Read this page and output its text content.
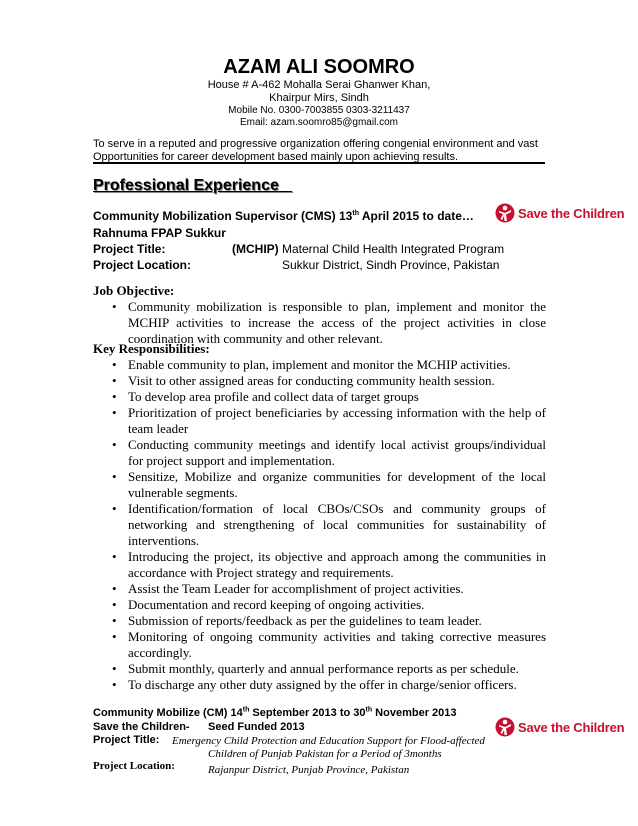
AZAM ALI SOOMRO
House # A-462 Mohalla Serai Ghanwer Khan,
Khairpur Mirs, Sindh
Mobile No. 0300-7003855 0303-3211437
Email: azam.soomro85@gmail.com
To serve in a reputed and progressive organization offering congenial environment and vast
Opportunities for career development based mainly upon achieving results.
Professional Experience
Community Mobilization Supervisor (CMS) 13th April 2015 to date…
Rahnuma FPAP Sukkur
Project Title:	(MCHIP) Maternal Child Health Integrated Program
Project Location:	Sukkur District, Sindh Province, Pakistan
Save the Children
Job Objective:
• Community mobilization is responsible to plan, implement and monitor the MCHIP activities to increase the access of the project activities in close coordination with community and other relevant.
Key Responsibilities:
• Enable community to plan, implement and monitor the MCHIP activities.
• Visit to other assigned areas for conducting community health session.
• To develop area profile and collect data of target groups
• Prioritization of project beneficiaries by accessing information with the help of team leader
• Conducting community meetings and identify local activist groups/individual for project support and implementation.
• Sensitize, Mobilize and organize communities for development of the local vulnerable segments.
• Identification/formation of local CBOs/CSOs and community groups of networking and strengthening of local communities for sustainability of interventions.
• Introducing the project, its objective and approach among the communities in accordance with Project strategy and requirements.
• Assist the Team Leader for accomplishment of project activities.
• Documentation and record keeping of ongoing activities.
• Submission of reports/feedback as per the guidelines to team leader.
• Monitoring of ongoing community activities and taking corrective measures accordingly.
• Submit monthly, quarterly and annual performance reports as per schedule.
• To discharge any other duty assigned by the offer in charge/senior officers.
Community Mobilize (CM) 14th September 2013 to 30th November 2013
Save the Children- Seed Funded 2013
Project Title: Emergency Child Protection and Education Support for Flood-affected
Children of Punjab Pakistan for a Period of 3months
Project Location:	Rajanpur District, Punjab Province, Pakistan
Save the Children
